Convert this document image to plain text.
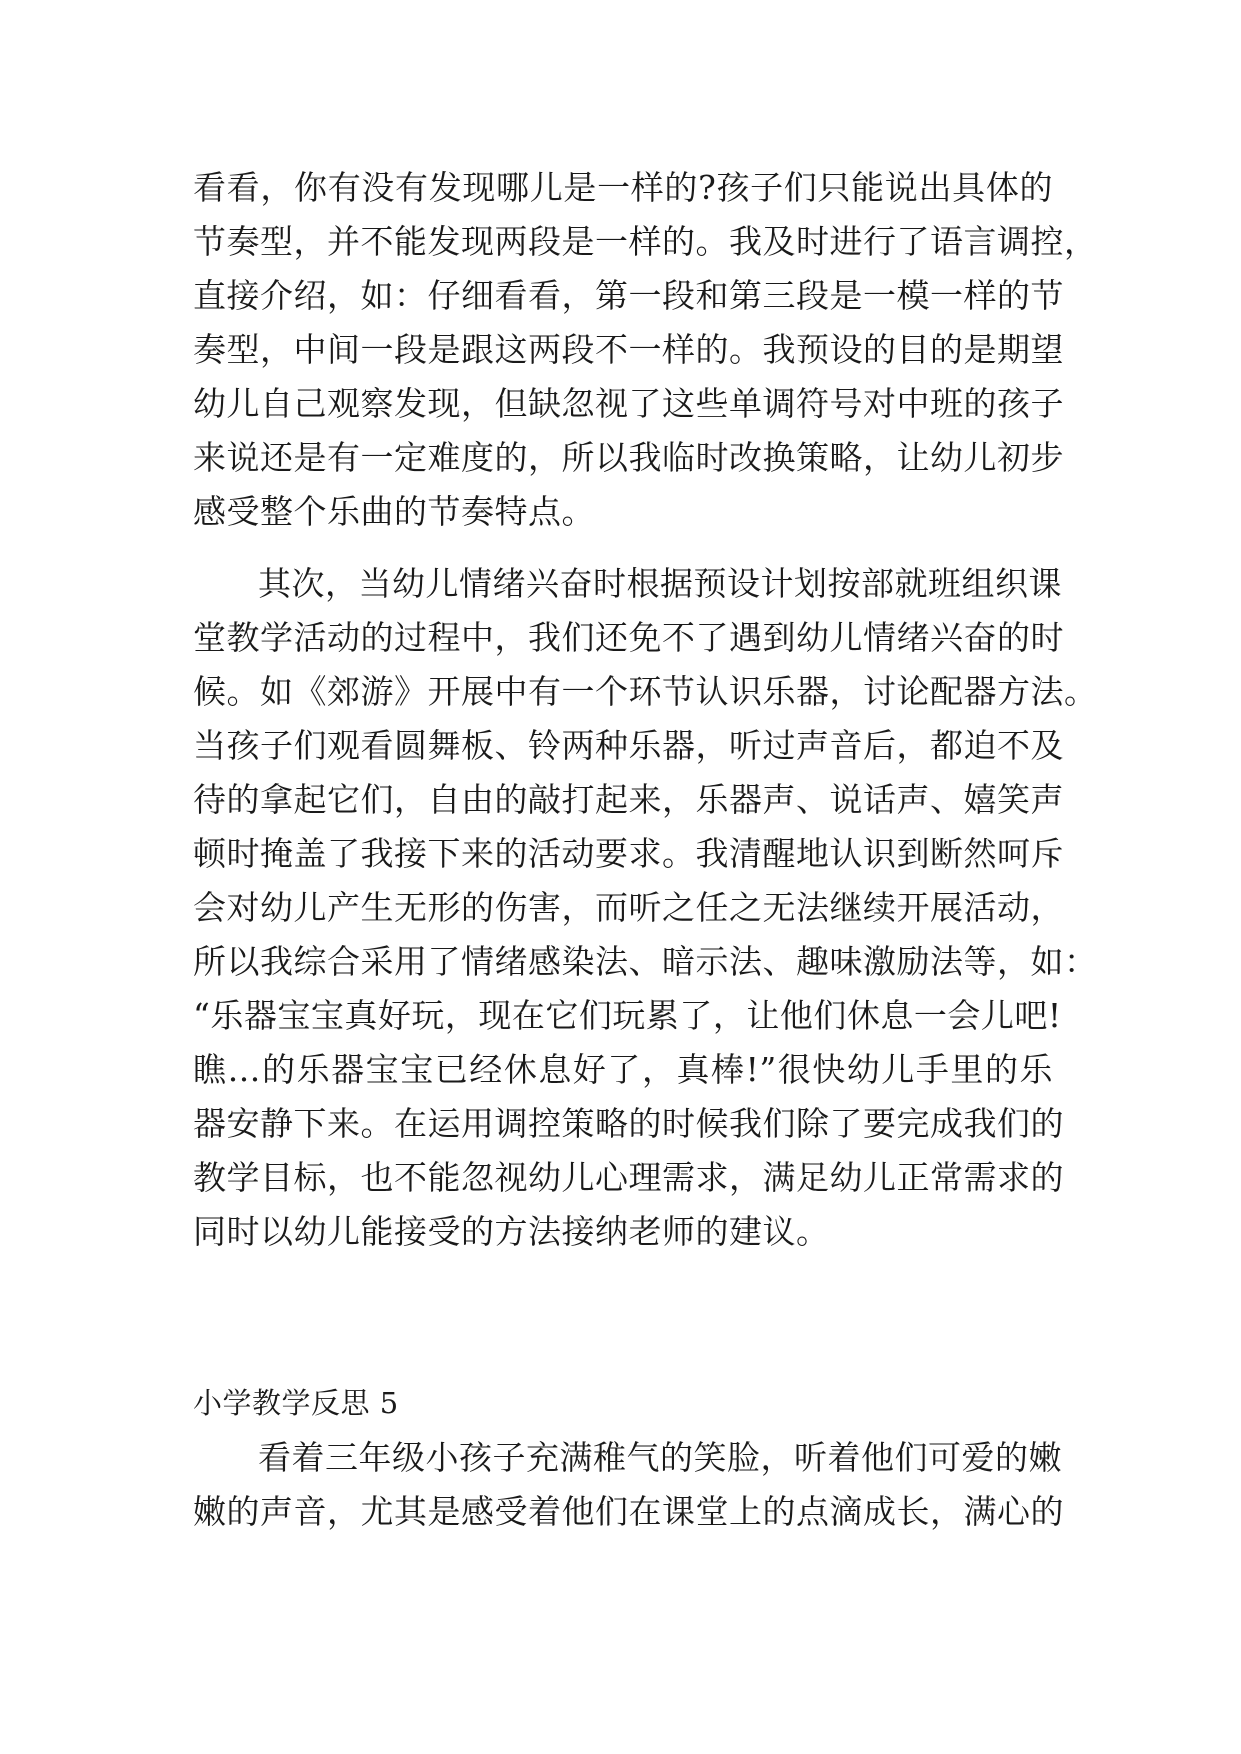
看看，你有没有发现哪儿是一样的?孩子们只能说出具体的
节奏型，并不能发现两段是一样的。我及时进行了语言调控，
直接介绍，如：仔细看看，第一段和第三段是一模一样的节
奏型，中间一段是跟这两段不一样的。我预设的目的是期望
幼儿自己观察发现，但缺忽视了这些单调符号对中班的孩子
来说还是有一定难度的，所以我临时改换策略，让幼儿初步
感受整个乐曲的节奏特点。
其次，当幼儿情绪兴奋时根据预设计划按部就班组织课
堂教学活动的过程中，我们还免不了遇到幼儿情绪兴奋的时
候。如《郊游》开展中有一个环节认识乐器，讨论配器方法。
当孩子们观看圆舞板、铃两种乐器，听过声音后，都迫不及
待的拿起它们，自由的敲打起来，乐器声、说话声、嬉笑声
顿时掩盖了我接下来的活动要求。我清醒地认识到断然呵斥
会对幼儿产生无形的伤害，而听之任之无法继续开展活动，
所以我综合采用了情绪感染法、暗示法、趣味激励法等，如：
“乐器宝宝真好玩，现在它们玩累了，让他们休息一会儿吧!
瞧…的乐器宝宝已经休息好了，真棒!”很快幼儿手里的乐
器安静下来。在运用调控策略的时候我们除了要完成我们的
教学目标，也不能忽视幼儿心理需求，满足幼儿正常需求的
同时以幼儿能接受的方法接纳老师的建议。
小学教学反思 5
看着三年级小孩子充满稚气的笑脸，听着他们可爱的嫩
嫩的声音，尤其是感受着他们在课堂上的点滴成长，满心的
